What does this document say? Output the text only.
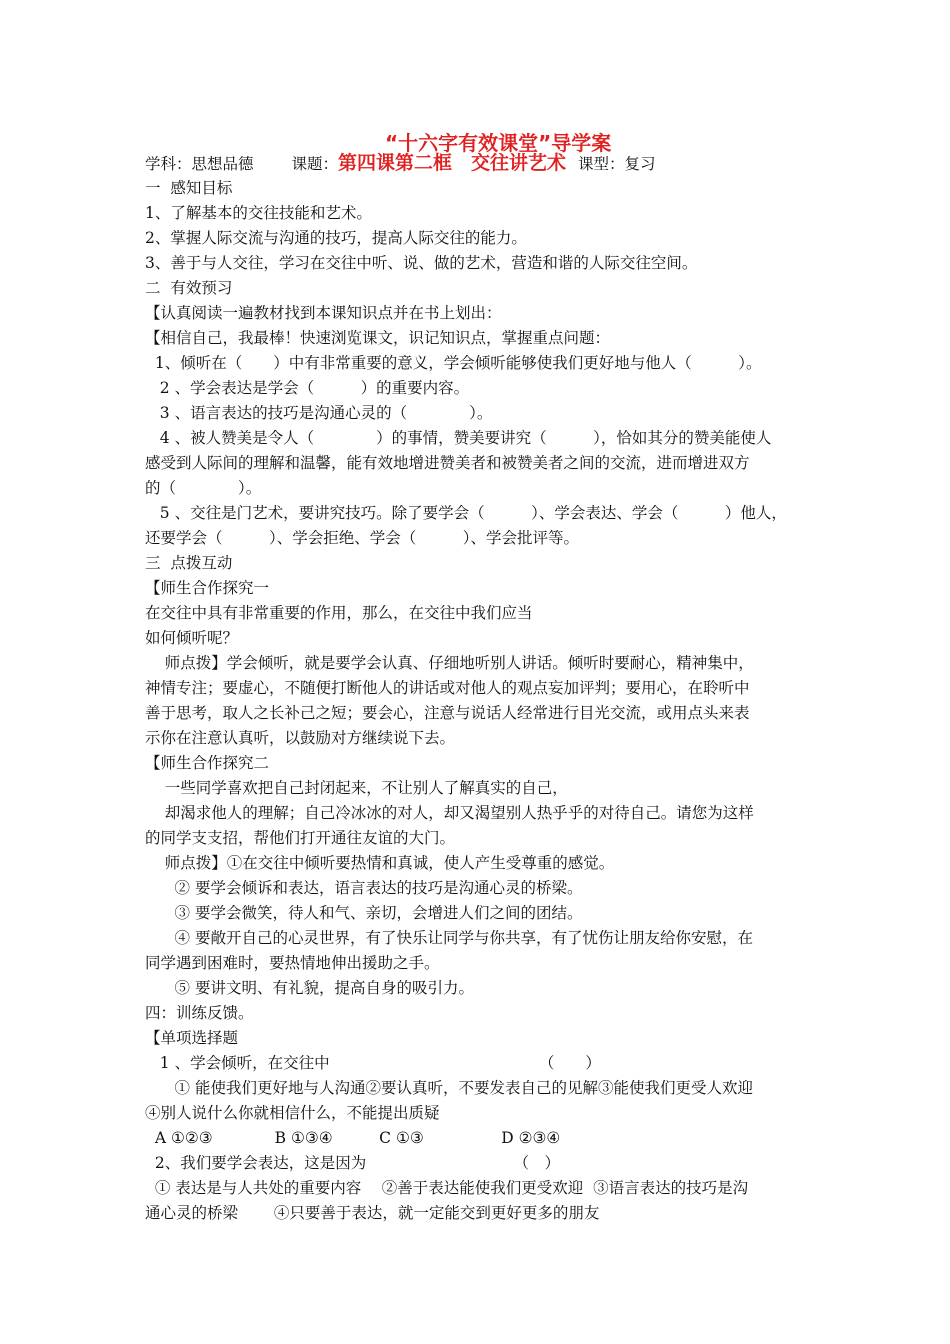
“十六字有效课堂”导学案
学科：思想品德 课题：第四课第二框　交往讲艺术 课型：复习
一  感知目标
1、了解基本的交往技能和艺术。
2、掌握人际交流与沟通的技巧，提高人际交往的能力。
3、善于与人交往，学习在交往中听、说、做的艺术，营造和谐的人际交往空间。
二  有效预习
【认真阅读一遍教材找到本课知识点并在书上划出：
【相信自己，我最棒！快速浏览课文，识记知识点，掌握重点问题：
1、倾听在（　　）中有非常重要的意义，学会倾听能够使我们更好地与他人（　　　）。
2 、学会表达是学会（　　　）的重要内容。
3 、语言表达的技巧是沟通心灵的（　　　　）。
4 、被人赞美是令人（　　　　）的事情，赞美要讲究（　　　），恰如其分的赞美能使人
感受到人际间的理解和温馨，能有效地增进赞美者和被赞美者之间的交流，进而增进双方
的（　　　　）。
5 、交往是门艺术，要讲究技巧。除了要学会（　　　）、学会表达、学会（　　　）他人，
还要学会（　　　）、学会拒绝、学会（　　　）、学会批评等。
三  点拨互动
【师生合作探究一
在交往中具有非常重要的作用，那么，在交往中我们应当
如何倾听呢？
师点拨】学会倾听，就是要学会认真、仔细地听别人讲话。倾听时要耐心，精神集中，
神情专注；要虚心，不随便打断他人的讲话或对他人的观点妄加评判；要用心，在聆听中
善于思考，取人之长补己之短；要会心，注意与说话人经常进行目光交流，或用点头来表
示你在注意认真听，以鼓励对方继续说下去。
【师生合作探究二
一些同学喜欢把自己封闭起来，不让别人了解真实的自己，
却渴求他人的理解；自己冷冰冰的对人，却又渴望别人热乎乎的对待自己。请您为这样
的同学支支招，帮他们打开通往友谊的大门。
师点拨】①在交往中倾听要热情和真诚，使人产生受尊重的感觉。
② 要学会倾诉和表达，语言表达的技巧是沟通心灵的桥梁。
③ 要学会微笑，待人和气、亲切，会增进人们之间的团结。
④ 要敞开自己的心灵世界，有了快乐让同学与你共享，有了忧伤让朋友给你安慰，在
同学遇到困难时，要热情地伸出援助之手。
⑤ 要讲文明、有礼貌，提高自身的吸引力。
四：训练反馈。
【单项选择题
1 、学会倾听，在交往中　　　　　　　　　　　　　　（　　）
① 能使我们更好地与人沟通②要认真听，不要发表自己的见解③能使我们更受人欢迎
④别人说什么你就相信什么，不能提出质疑
A ①②③　　　　B ①③④　　　C ①③　　　　　D ②③④
2、我们要学会表达，这是因为　　　　　　　　　　（　）
① 表达是与人共处的重要内容　 ②善于表达能使我们更受欢迎  ③语言表达的技巧是沟
通心灵的桥梁　　 ④只要善于表达，就一定能交到更好更多的朋友
